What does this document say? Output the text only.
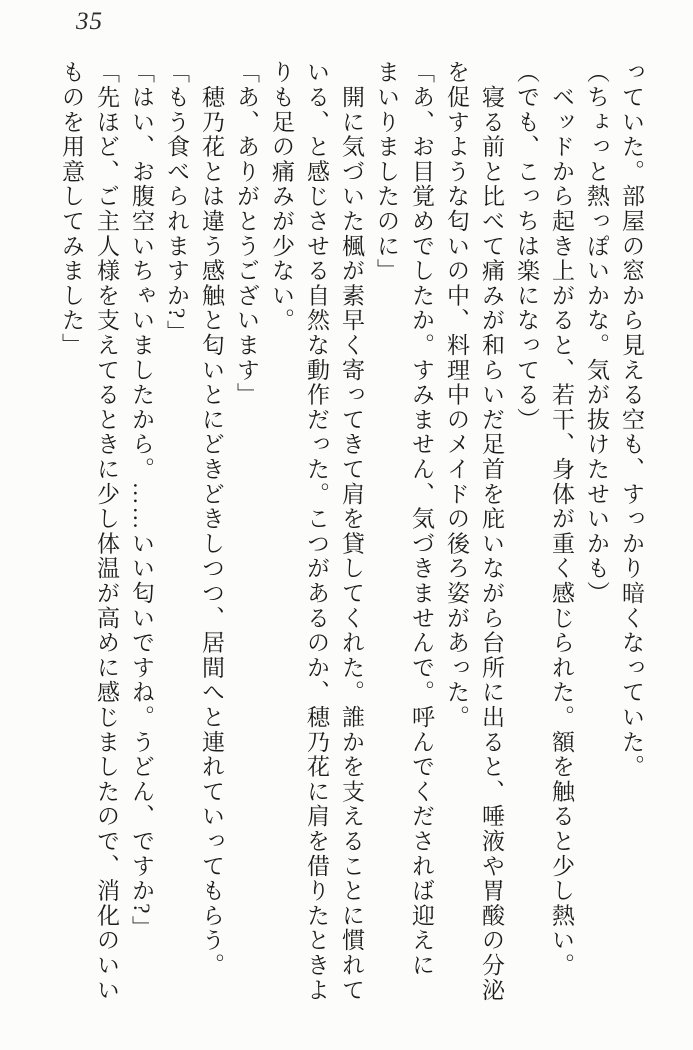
35

っていた。部屋の窓から見える空も、すっかり暗くなっていた。

（ちょっと熱っぽいかな。気が抜けたせいかも）

　ベッドから起き上がると、若干、身体が重く感じられた。額を触ると少し熱い。

（でも、こっちは楽になってる）

　寝る前と比べて痛みが和らいだ足首を庇いながら台所に出ると、唾液や胃酸の分泌

を促すような匂いの中、料理中のメイドの後ろ姿があった。

「あ、お目覚めでしたか。すみません、気づきませんで。呼んでくだされば迎えに

まいりましたのに」

　開に気づいた楓が素早く寄ってきて肩を貸してくれた。誰かを支えることに慣れて

いる、と感じさせる自然な動作だった。こつがあるのか、穂乃花に肩を借りたときよ

りも足の痛みが少ない。

「あ、ありがとうございます」

　穂乃花とは違う感触と匂いとにどきどきしつつ、居間へと連れていってもらう。

「もう食べられますか?」

「はい、お腹空いちゃいましたから。……いい匂いですね。うどん、ですか?」

「先ほど、ご主人様を支えてるときに少し体温が高めに感じましたので、消化のいい

ものを用意してみました」
